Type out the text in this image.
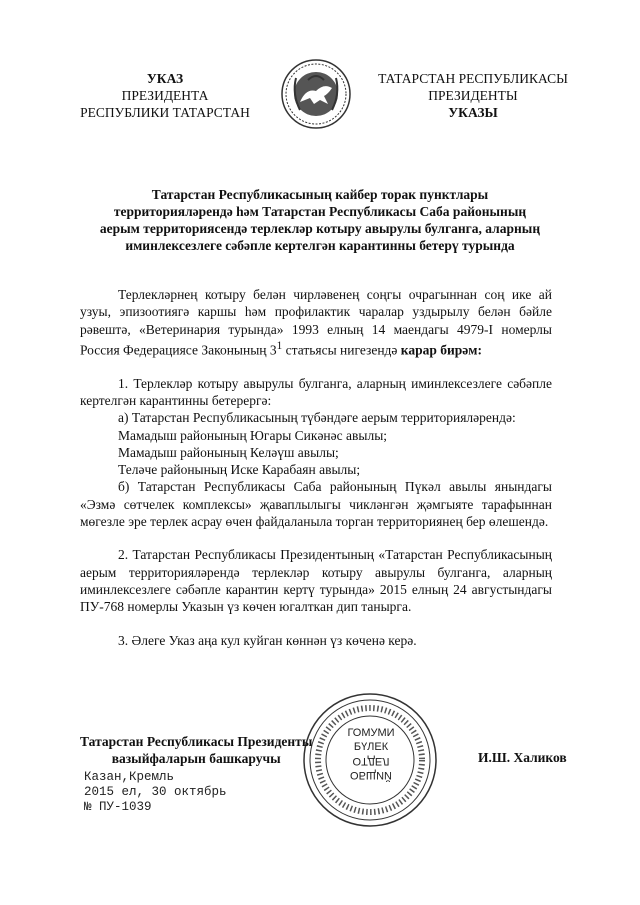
УКАЗ
ПРЕЗИДЕНТА
РЕСПУБЛИКИ ТАТАРСТАН
ТАТАРСТАН РЕСПУБЛИКАСЫ
ПРЕЗИДЕНТЫ
УКАЗЫ
Татарстан Республикасының кайбер торак пунктлары
территорияләрендә һәм Татарстан Республикасы Саба районының
аерым территориясендә терлекләр котыру авырулы булганга, аларның
иминлексезлеге сәбәпле кертелгән карантинны бетерү турында

Терлекләрнең котыру белән чирләвенең соңгы очрагыннан соң ике ай узуы, эпизоотиягә каршы һәм профилактик чаралар уздырылу белән бәйле рәвештә, «Ветеринария турында» 1993 елның 14 маендагы 4979-I номерлы Россия Федерациясе Законының $3^1$ статьясы нигезендә карар бирәм:

1. Терлекләр котыру авырулы булганга, аларның иминлексезлеге сәбәпле кертелгән карантинны бетерергә:

а) Татарстан Республикасының түбәндәге аерым территорияләрендә:

Мамадыш районының Югары Сикәнәс авылы;

Мамадыш районының Келәүш авылы;

Теләче районының Иске Карабаян авылы;

б) Татарстан Республикасы Саба районының Пүкәл авылы янындагы «Эзмә сөтчелек комплексы» җаваплылыгы чикләнгән җәмгыяте тарафыннан мөгезле эре терлек асрау өчен файдаланыла торган территориянең бер өлешендә.

2. Татарстан Республикасы Президентының «Татарстан Республикасының аерым территорияләрендә терлекләр котыру авырулы булганга, аларның иминлексезлеге сәбәпле карантин кертү турында» 2015 елның 24 августындагы ПУ-768 номерлы Указын үз көчен югалткан дип танырга.

3. Әлеге Указ аңа кул куйган көннән үз көченә керә.

ГОМУМИ
БҮЛЕК
ОТДЕЛ
ОБЩИЙ
Татарстан Республикасы Президенты
вазыйфаларын башкаручы	И.Ш. Халиков
Казан,Кремль
2015 ел, 30 октябрь
№ ПУ-1039
